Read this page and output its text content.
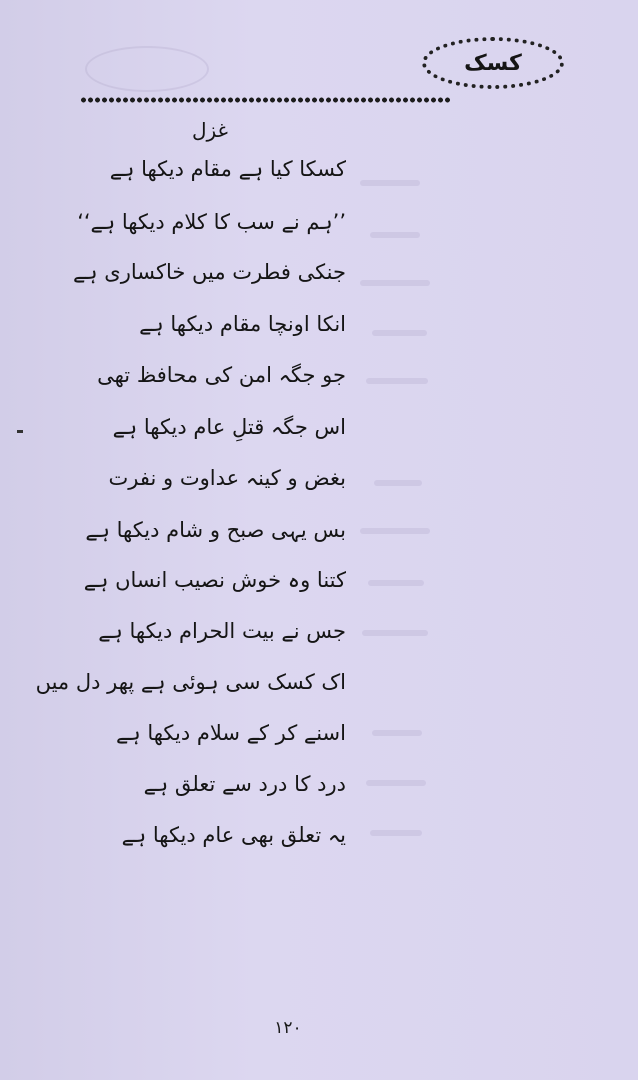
کسک
غزل
کسکا کیا ہے مقام دیکھا ہے
’’ہم نے سب کا کلام دیکھا ہے‘‘
جنکی فطرت میں خاکساری ہے
انکا اونچا مقام دیکھا ہے
جو جگہ امن کی محافظ تھی
اس جگہ قتلِ عام دیکھا ہے
بغض و کینہ عداوت و نفرت
بس یہی صبح و شام دیکھا ہے
کتنا وہ خوش نصیب انساں ہے
جس نے بیت الحرام دیکھا ہے
اک کسک سی ہوئی ہے پھر دل میں
اسنے کر کے سلام دیکھا ہے
درد کا درد سے تعلق ہے
یہ تعلق بھی عام دیکھا ہے
۱۲۰
